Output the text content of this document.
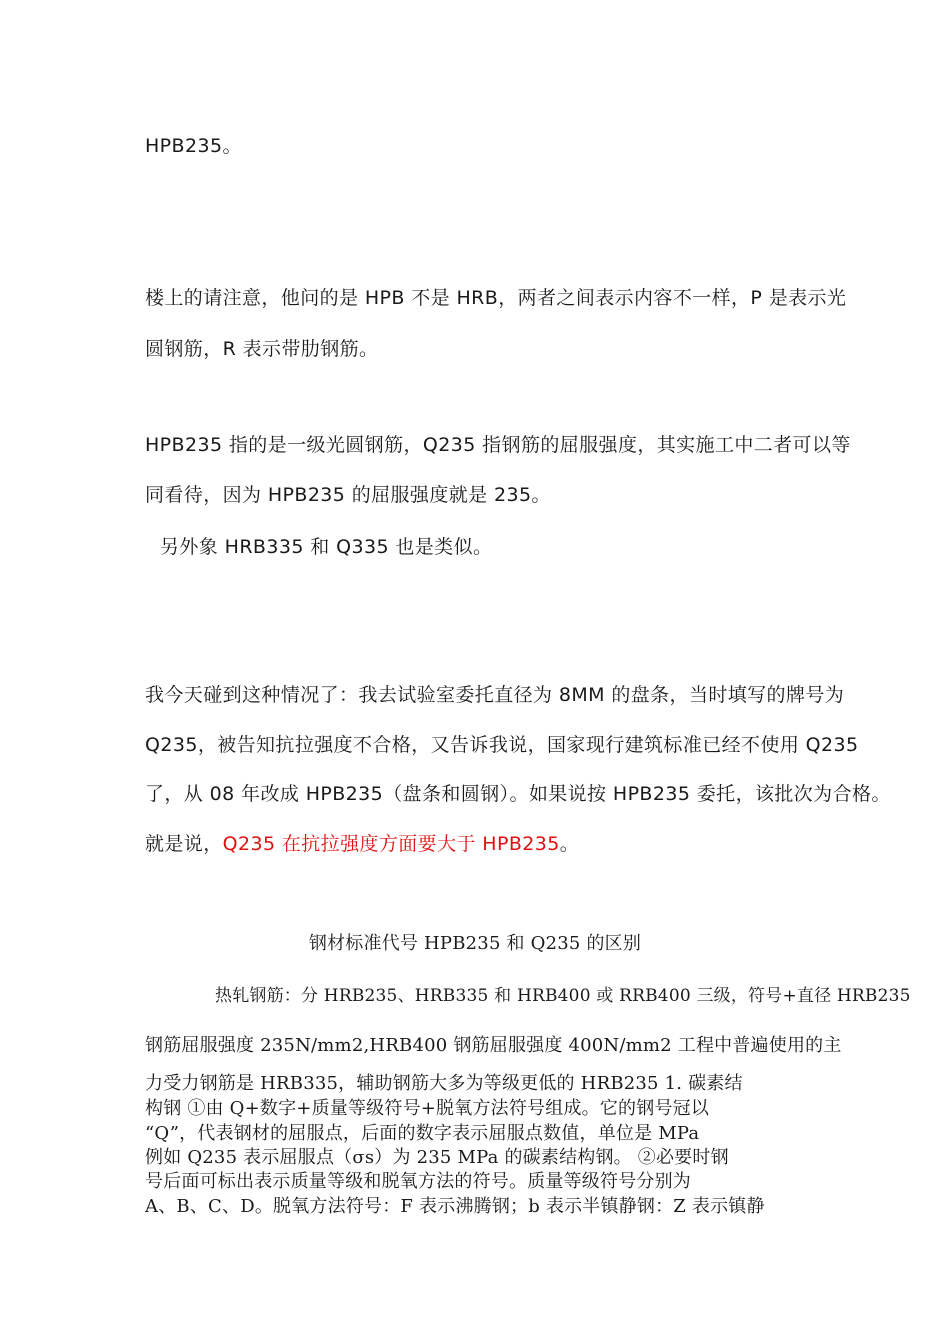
HPB235。
楼上的请注意，他问的是 HPB 不是 HRB，两者之间表示内容不一样，P 是表示光
圆钢筋，R 表示带肋钢筋。
HPB235 指的是一级光圆钢筋，Q235 指钢筋的屈服强度，其实施工中二者可以等
同看待，因为 HPB235 的屈服强度就是 235。
另外象 HRB335 和 Q335 也是类似。
我今天碰到这种情况了：我去试验室委托直径为 8MM 的盘条，当时填写的牌号为
Q235，被告知抗拉强度不合格，又告诉我说，国家现行建筑标准已经不使用 Q235
了，从 08 年改成 HPB235（盘条和圆钢）。如果说按 HPB235 委托，该批次为合格。
就是说，Q235 在抗拉强度方面要大于 HPB235。
钢材标准代号 HPB235 和 Q235 的区别
热轧钢筋：分 HRB235、HRB335 和 HRB400 或 RRB400 三级，符号+直径 HRB235
钢筋屈服强度 235N/mm2,HRB400 钢筋屈服强度 400N/mm2 工程中普遍使用的主
力受力钢筋是 HRB335，辅助钢筋大多为等级更低的 HRB235 1. 碳素结
构钢 ①由 Q+数字+质量等级符号+脱氧方法符号组成。它的钢号冠以
“Q”，代表钢材的屈服点，后面的数字表示屈服点数值，单位是 MPa
例如 Q235 表示屈服点（σs）为 235 MPa 的碳素结构钢。 ②必要时钢
号后面可标出表示质量等级和脱氧方法的符号。质量等级符号分别为
A、B、C、D。脱氧方法符号：F 表示沸腾钢；b 表示半镇静钢：Z 表示镇静
